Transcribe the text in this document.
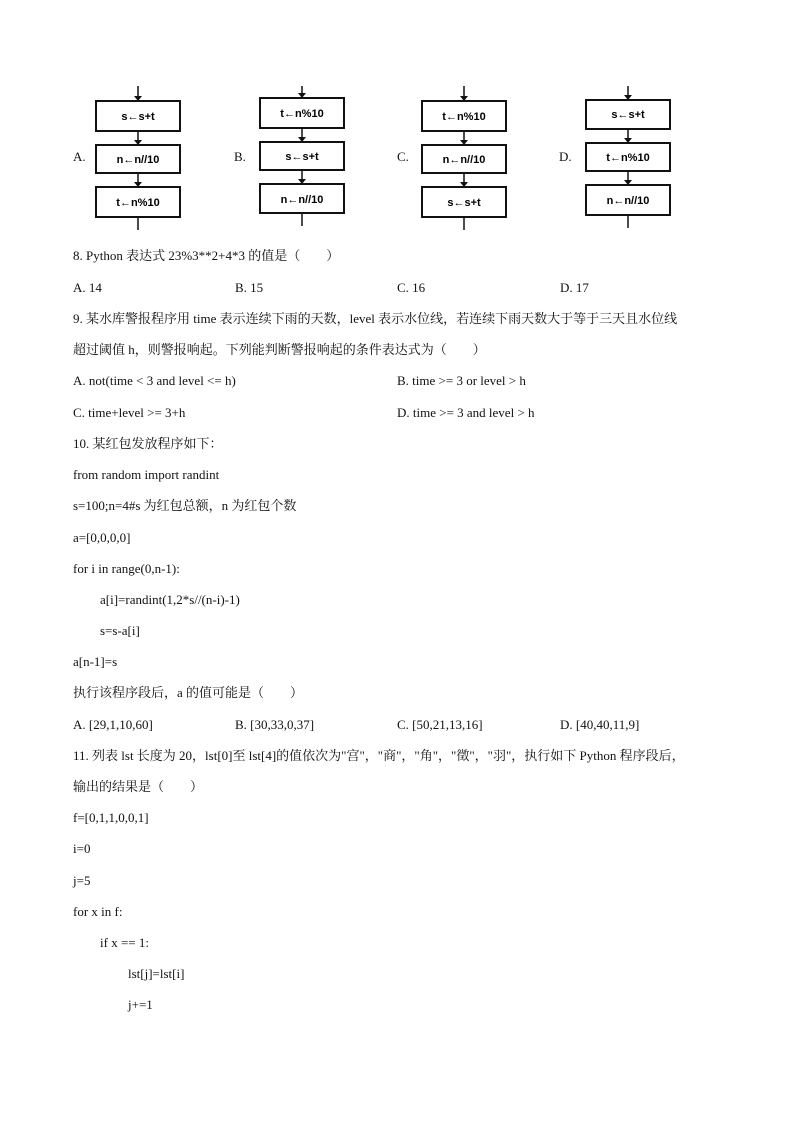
A.	B.	C.	D.
s←s+t
n←n//10
t←n%10
t←n%10
s←s+t
n←n//10
t←n%10
n←n//10
s←s+t
s←s+t
t←n%10
n←n//10
8. Python 表达式 23%3**2+4*3 的值是（　　）
A. 14	B. 15	C. 16	D. 17
9. 某水库警报程序用 time 表示连续下雨的天数，level 表示水位线，若连续下雨天数大于等于三天且水位线
超过阈值 h，则警报响起。下列能判断警报响起的条件表达式为（　　）
A. not(time < 3 and level <= h)	B. time >= 3 or level > h
C. time+level >= 3+h	D. time >= 3 and level > h
10. 某红包发放程序如下：
from random import randint
s=100;n=4#s 为红包总额，n 为红包个数
a=[0,0,0,0]
for i in range(0,n-1):
a[i]=randint(1,2*s//(n-i)-1)
s=s-a[i]
a[n-1]=s
执行该程序段后，a 的值可能是（　　）
A. [29,1,10,60]	B. [30,33,0,37]	C. [50,21,13,16]	D. [40,40,11,9]
11. 列表 lst 长度为 20，lst[0]至 lst[4]的值依次为"宫"，"商"，"角"，"徵"，"羽"，执行如下 Python 程序段后，
输出的结果是（　　）
f=[0,1,1,0,0,1]
i=0
j=5
for x in f:
if x == 1:
lst[j]=lst[i]
j+=1
